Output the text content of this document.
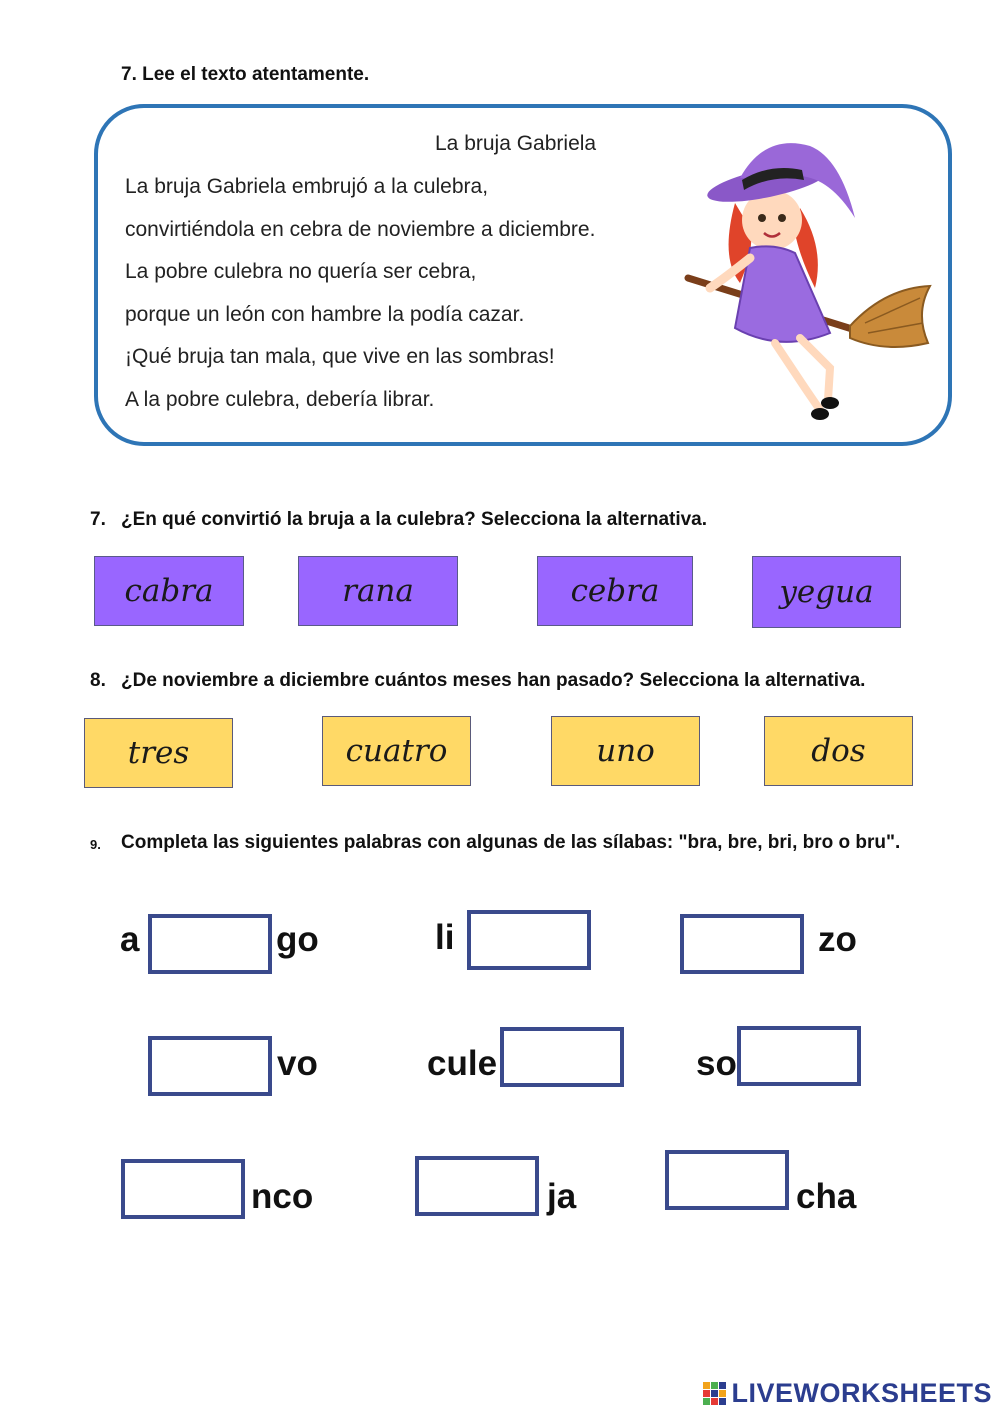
7. Lee el texto atentamente.
La bruja Gabriela
La bruja Gabriela embrujó a la culebra,
convirtiéndola en cebra de noviembre a diciembre.
La pobre culebra no quería ser cebra,
porque un león con hambre la podía cazar.
¡Qué bruja tan mala, que vive en las sombras!
A la pobre culebra, debería librar.
7. ¿En qué convirtió la bruja a la culebra? Selecciona la alternativa.
cabra	rana	cebra	yegua
8. ¿De noviembre a diciembre cuántos meses han pasado? Selecciona la alternativa.
tres	cuatro	uno	dos
9. Completa las siguientes palabras con algunas de las sílabas: "bra, bre, bri, bro o bru".
a	go	li	zo
vo	cule	so
nco	ja	cha
LIVEWORKSHEETS
